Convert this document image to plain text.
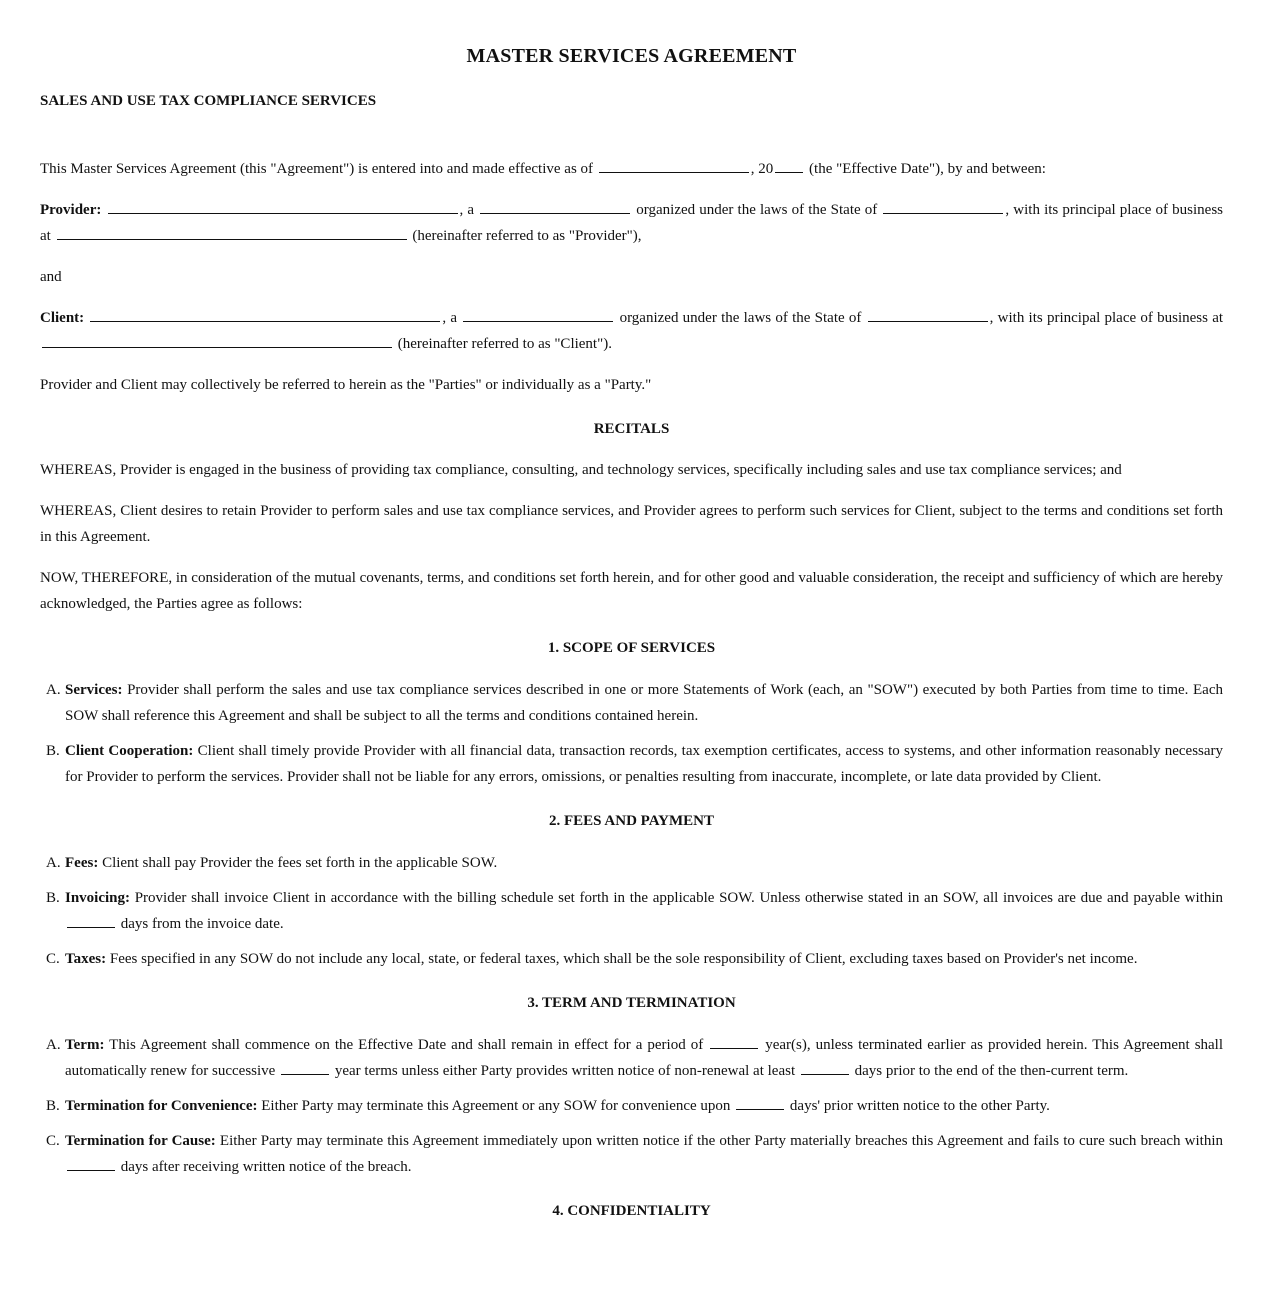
MASTER SERVICES AGREEMENT
SALES AND USE TAX COMPLIANCE SERVICES

This Master Services Agreement (this "Agreement") is entered into and made effective as of	, 20 (the "Effective Date"), by and between:

Provider:	, a	organized under the laws of the State of	, with its principal place of business at	(hereinafter referred to as "Provider"),

and

Client:	, a	organized under the laws of the State of	, with its principal place of business at  (hereinafter referred to as "Client").

Provider and Client may collectively be referred to herein as the "Parties" or individually as a "Party."

RECITALS

WHEREAS, Provider is engaged in the business of providing tax compliance, consulting, and technology services, specifically including sales and use tax compliance services; and

WHEREAS, Client desires to retain Provider to perform sales and use tax compliance services, and Provider agrees to perform such services for Client, subject to the terms and conditions set forth in this Agreement.

NOW, THEREFORE, in consideration of the mutual covenants, terms, and conditions set forth herein, and for other good and valuable consideration, the receipt and sufficiency of which are hereby acknowledged, the Parties agree as follows:

1. SCOPE OF SERVICES
A. Services: Provider shall perform the sales and use tax compliance services described in one or more Statements of Work (each, an "SOW") executed by both Parties from time to time. Each SOW shall reference this Agreement and shall be subject to all the terms and conditions contained herein.
B. Client Cooperation: Client shall timely provide Provider with all financial data, transaction records, tax exemption certificates, access to systems, and other information reasonably necessary for Provider to perform the services. Provider shall not be liable for any errors, omissions, or penalties resulting from inaccurate, incomplete, or late data provided by Client.
2. FEES AND PAYMENT
A. Fees: Client shall pay Provider the fees set forth in the applicable SOW.
B. Invoicing: Provider shall invoice Client in accordance with the billing schedule set forth in the applicable SOW. Unless otherwise stated in an SOW, all invoices are due and payable within  days from the invoice date.
C. Taxes: Fees specified in any SOW do not include any local, state, or federal taxes, which shall be the sole responsibility of Client, excluding taxes based on Provider's net income.
3. TERM AND TERMINATION
A. Term: This Agreement shall commence on the Effective Date and shall remain in effect for a period of	year(s), unless terminated earlier as provided herein. This Agreement shall automatically renew for successive	year terms unless either Party provides written notice of non-renewal at least	days prior to the end of the then-current term.
B. Termination for Convenience: Either Party may terminate this Agreement or any SOW for convenience upon	days' prior written notice to the other Party.
C. Termination for Cause: Either Party may terminate this Agreement immediately upon written notice if the other Party materially breaches this Agreement and fails to cure such breach within  days after receiving written notice of the breach.
4. CONFIDENTIALITY
